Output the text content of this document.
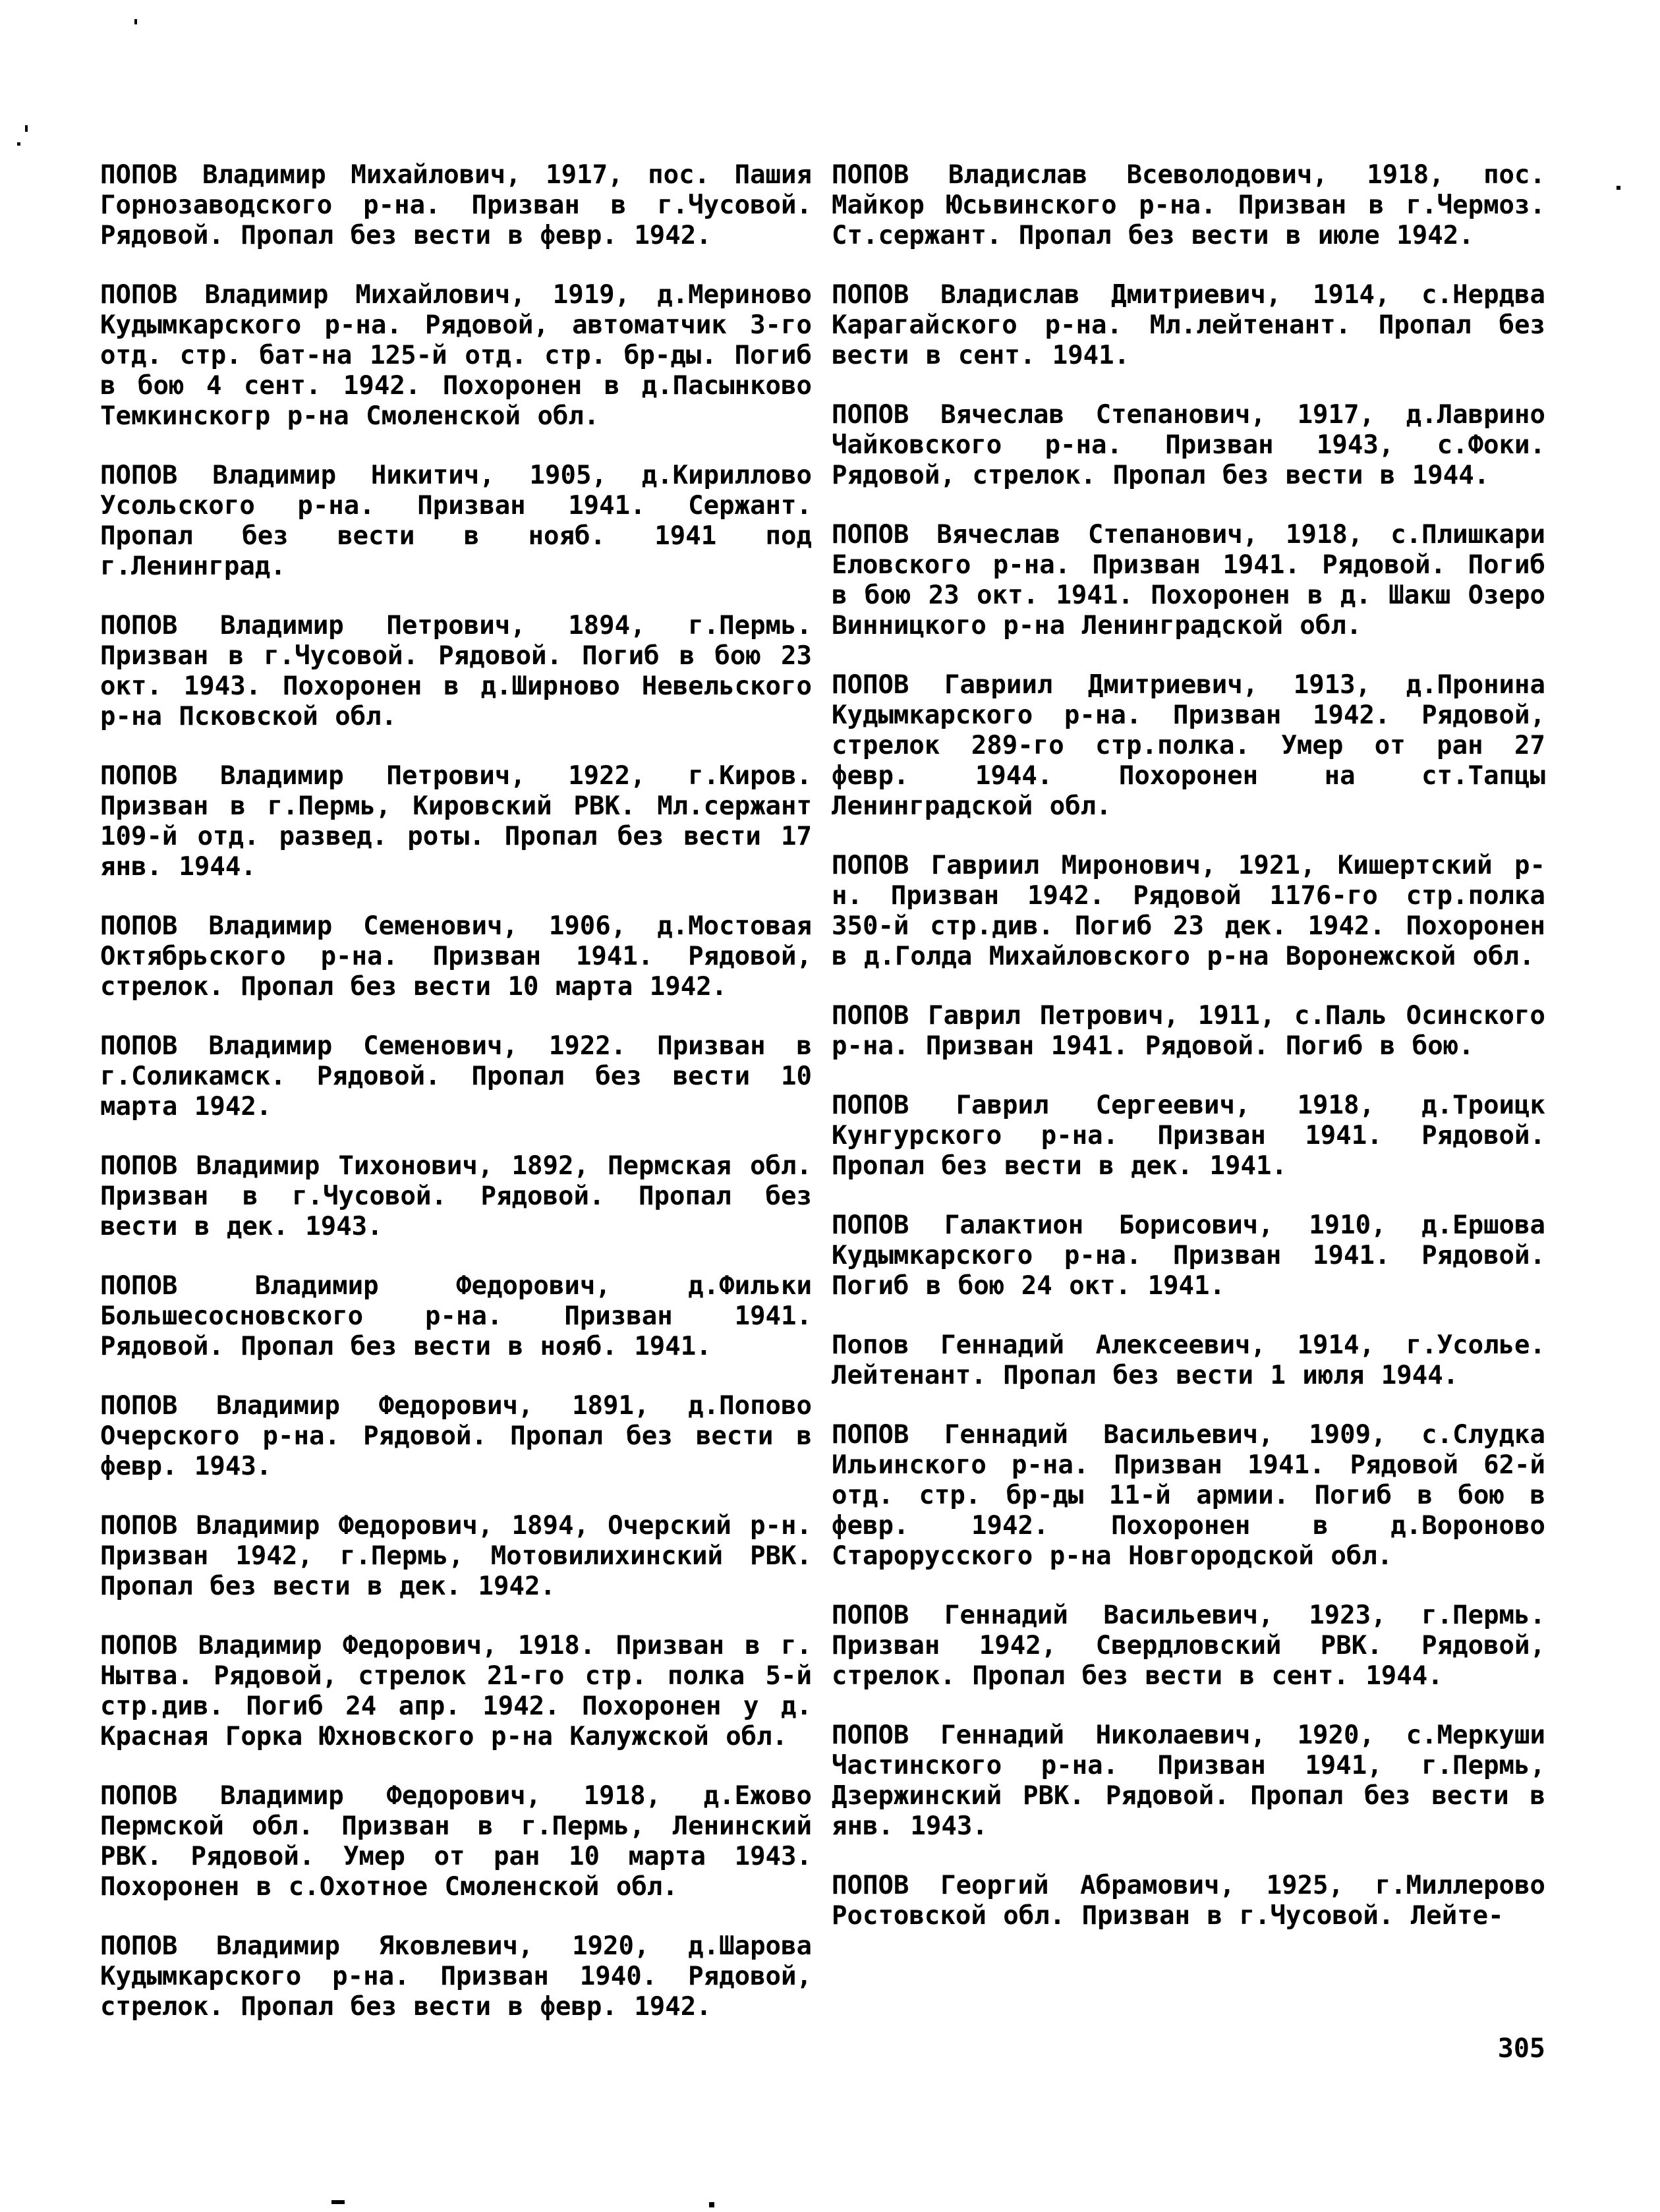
ПОПОВ Владимир Михайлович, 1917, пос. Пашия Горнозаводского р-на. Призван в г.Чусовой. Рядовой. Пропал без вести в февр. 1942.

ПОПОВ Владимир Михайлович, 1919, д.Мериново Кудымкарского р-на. Рядовой, автоматчик 3-го отд. стр. бат-на 125-й отд. стр. бр-ды. Погиб в бою 4 сент. 1942. Похоронен в д.Пасынково Темкинскогр р-на Смоленской обл.

ПОПОВ Владимир Никитич, 1905, д.Кириллово Усольского р-на. Призван 1941. Сержант. Пропал без вести в нояб. 1941 под г.Ленинград.

ПОПОВ Владимир Петрович, 1894, г.Пермь. Призван в г.Чусовой. Рядовой. Погиб в бою 23 окт. 1943. Похоронен в д.Ширново Невельского р-на Псковской обл.

ПОПОВ Владимир Петрович, 1922, г.Киров. Призван в г.Пермь, Кировский РВК. Мл.сержант 109-й отд. развед. роты. Пропал без вести 17 янв. 1944.

ПОПОВ Владимир Семенович, 1906, д.Мостовая Октябрьского р-на. Призван 1941. Рядовой, стрелок. Пропал без вести 10 марта 1942.

ПОПОВ Владимир Семенович, 1922. Призван в г.Соликамск. Рядовой. Пропал без вести 10 марта 1942.

ПОПОВ Владимир Тихонович, 1892, Пермская обл. Призван в г.Чусовой. Рядовой. Пропал без вести в дек. 1943.

ПОПОВ Владимир Федорович, д.Фильки Большесосновского р-на. Призван 1941. Рядовой. Пропал без вести в нояб. 1941.

ПОПОВ Владимир Федорович, 1891, д.Попово Очерского р-на. Рядовой. Пропал без вести в февр. 1943.

ПОПОВ Владимир Федорович, 1894, Очерский р-н. Призван 1942, г.Пермь, Мотовилихинский РВК. Пропал без вести в дек. 1942.

ПОПОВ Владимир Федорович, 1918. Призван в г. Нытва. Рядовой, стрелок 21-го стр. полка 5-й стр.див. Погиб 24 апр. 1942. Похоронен у д. Красная Горка Юхновского р-на Калужской обл.

ПОПОВ Владимир Федорович, 1918, д.Ежово Пермской обл. Призван в г.Пермь, Ленинский РВК. Рядовой. Умер от ран 10 марта 1943. Похоронен в с.Охотное Смоленской обл.

ПОПОВ Владимир Яковлевич, 1920, д.Шарова Кудымкарского р-на. Призван 1940. Рядовой, стрелок. Пропал без вести в февр. 1942.

ПОПОВ Владислав Всеволодович, 1918, пос. Майкор Юсьвинского р-на. Призван в г.Чермоз. Ст.сержант. Пропал без вести в июле 1942.

ПОПОВ Владислав Дмитриевич, 1914, с.Нердва Карагайского р-на. Мл.лейтенант. Пропал без вести в сент. 1941.

ПОПОВ Вячеслав Степанович, 1917, д.Лаврино Чайковского р-на. Призван 1943, с.Фоки. Рядовой, стрелок. Пропал без вести в 1944.

ПОПОВ Вячеслав Степанович, 1918, с.Плишкари Еловского р-на. Призван 1941. Рядовой. Погиб в бою 23 окт. 1941. Похоронен в д. Шакш Озеро Винницкого р-на Ленинградской обл.

ПОПОВ Гавриил Дмитриевич, 1913, д.Пронина Кудымкарского р-на. Призван 1942. Рядовой, стрелок 289-го стр.полка. Умер от ран 27 февр. 1944. Похоронен на ст.Тапцы Ленинградской обл.

ПОПОВ Гавриил Миронович, 1921, Кишертский р-н. Призван 1942. Рядовой 1176-го стр.полка 350-й стр.див. Погиб 23 дек. 1942. Похоронен в д.Голда Михайловского р-на Воронежской обл.

ПОПОВ Гаврил Петрович, 1911, с.Паль Осинского р-на. Призван 1941. Рядовой. Погиб в бою.

ПОПОВ Гаврил Сергеевич, 1918, д.Троицк Кунгурского р-на. Призван 1941. Рядовой. Пропал без вести в дек. 1941.

ПОПОВ Галактион Борисович, 1910, д.Ершова Кудымкарского р-на. Призван 1941. Рядовой. Погиб в бою 24 окт. 1941.

Попов Геннадий Алексеевич, 1914, г.Усолье. Лейтенант. Пропал без вести 1 июля 1944.

ПОПОВ Геннадий Васильевич, 1909, с.Слудка Ильинского р-на. Призван 1941. Рядовой 62-й отд. стр. бр-ды 11-й армии. Погиб в бою в февр. 1942. Похоронен в д.Вороново Старорусского р-на Новгородской обл.

ПОПОВ Геннадий Васильевич, 1923, г.Пермь. Призван 1942, Свердловский РВК. Рядовой, стрелок. Пропал без вести в сент. 1944.

ПОПОВ Геннадий Николаевич, 1920, с.Меркуши Частинского р-на. Призван 1941, г.Пермь, Дзержинский РВК. Рядовой. Пропал без вести в янв. 1943.

ПОПОВ Георгий Абрамович, 1925, г.Миллерово Ростовской обл. Призван в г.Чусовой. Лейте-

305
